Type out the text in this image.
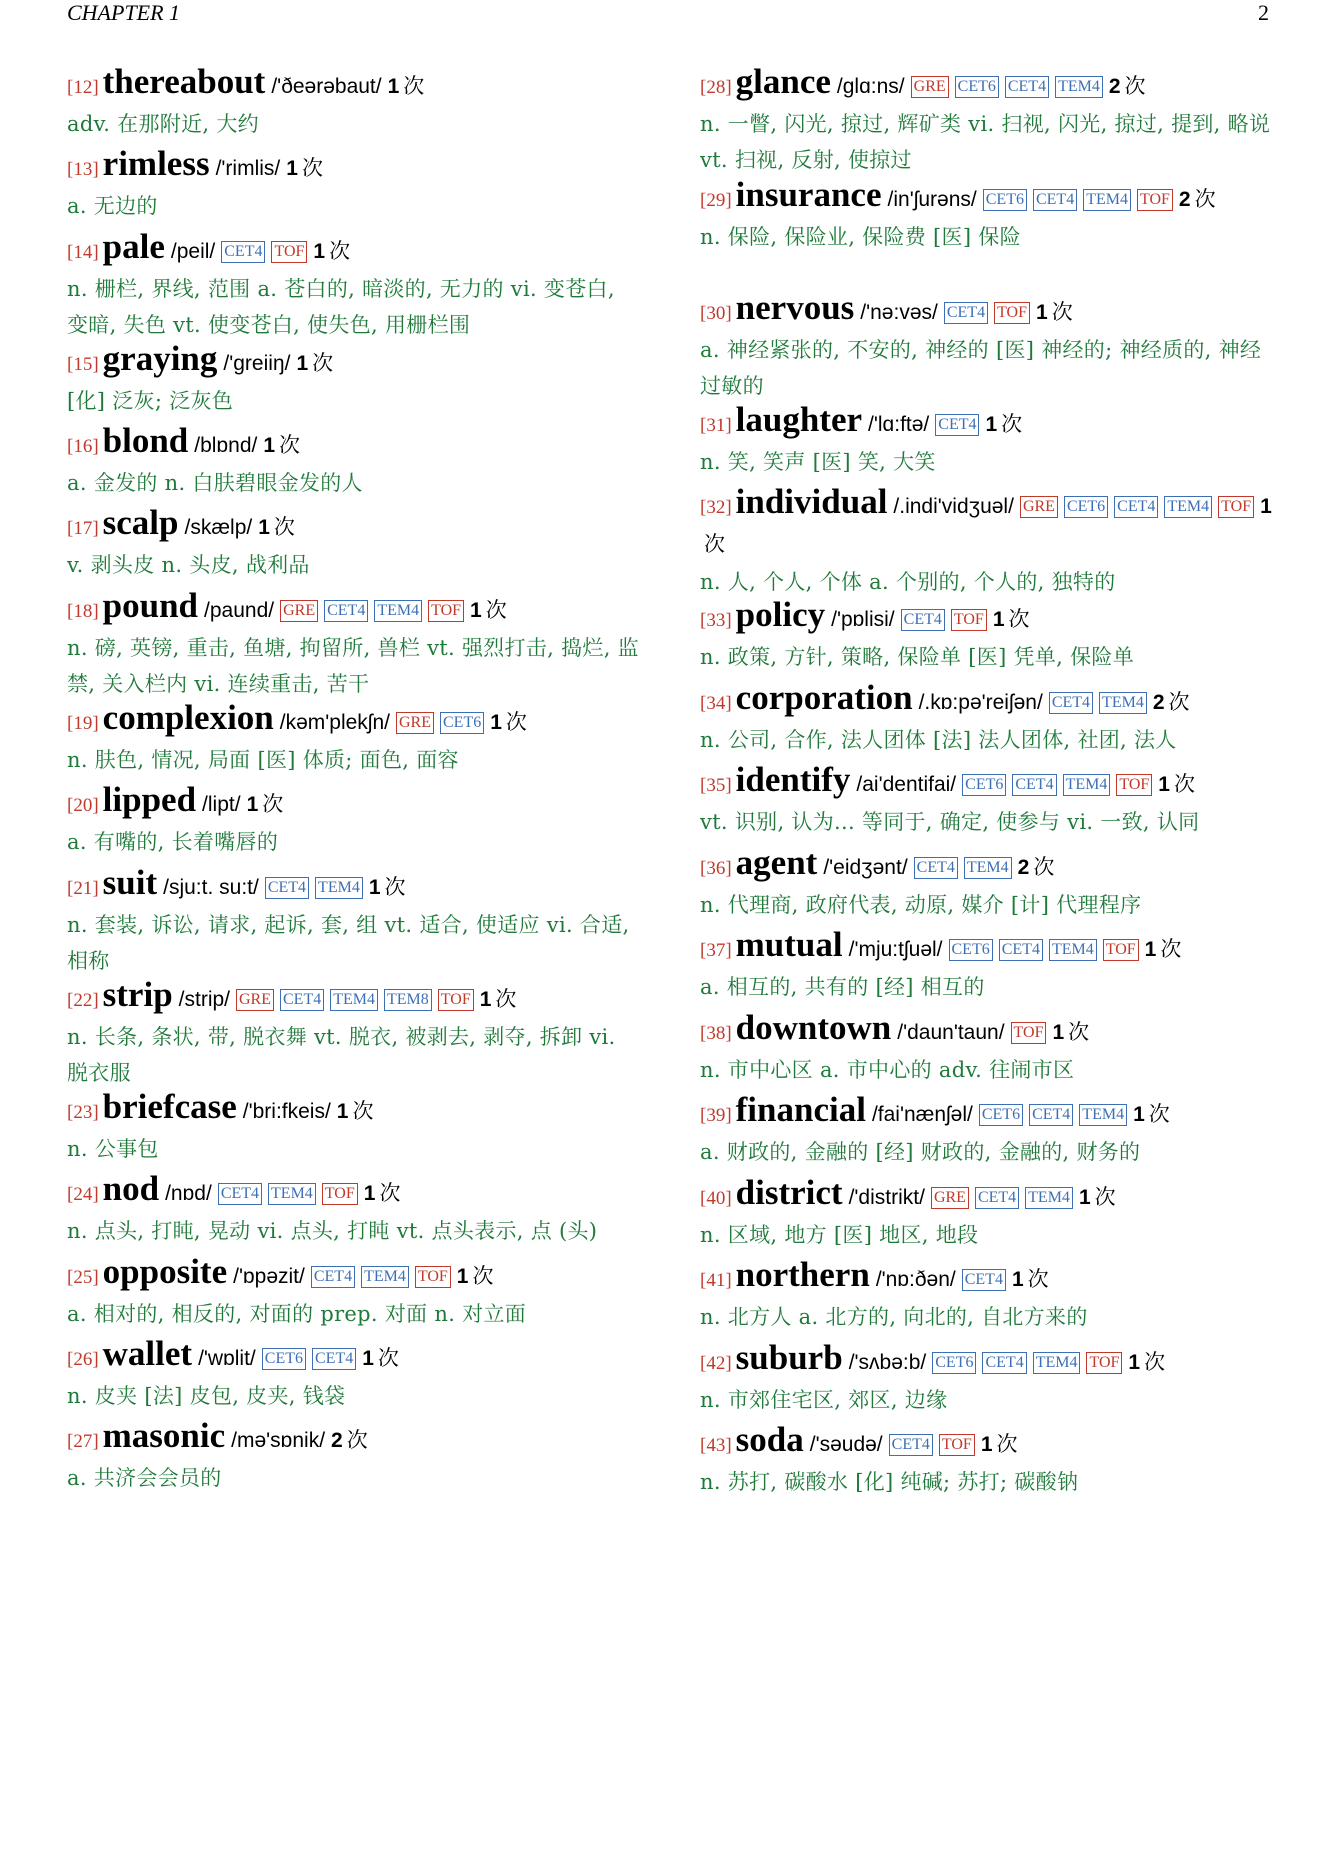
CHAPTER 1	2
[12] thereabout /'ðeərəbaut/ 1 次

adv. 在那附近, 大约

[13] rimless /'rimlis/ 1 次

a. 无边的

[14] pale /peil/ CET4 TOF 1 次

n. 栅栏, 界线, 范围 a. 苍白的, 暗淡的, 无力的 vi. 变苍白, 变暗, 失色 vt. 使变苍白, 使失色, 用栅栏围

[15] graying /'greiiŋ/ 1 次

[化] 泛灰; 泛灰色

[16] blond /blɒnd/ 1 次

a. 金发的 n. 白肤碧眼金发的人

[17] scalp /skælp/ 1 次

v. 剥头皮 n. 头皮, 战利品

[18] pound /paund/ GRE CET4 TEM4 TOF 1 次

n. 磅, 英镑, 重击, 鱼塘, 拘留所, 兽栏 vt. 强烈打击, 捣烂, 监禁, 关入栏内 vi. 连续重击, 苦干

[19] complexion /kəm'plekʃn/ GRE CET6 1 次

n. 肤色, 情况, 局面 [医] 体质; 面色, 面容

[20] lipped /lipt/ 1 次

a. 有嘴的, 长着嘴唇的

[21] suit /sju:t. su:t/ CET4 TEM4 1 次

n. 套装, 诉讼, 请求, 起诉, 套, 组 vt. 适合, 使适应 vi. 合适, 相称

[22] strip /strip/ GRE CET4 TEM4 TEM8 TOF 1 次

n. 长条, 条状, 带, 脱衣舞 vt. 脱衣, 被剥去, 剥夺, 拆卸 vi. 脱衣服

[23] briefcase /'bri:fkeis/ 1 次

n. 公事包

[24] nod /nɒd/ CET4 TEM4 TOF 1 次

n. 点头, 打盹, 晃动 vi. 点头, 打盹 vt. 点头表示, 点 (头)

[25] opposite /'ɒpəzit/ CET4 TEM4 TOF 1 次

a. 相对的, 相反的, 对面的 prep. 对面 n. 对立面

[26] wallet /'wɒlit/ CET6 CET4 1 次

n. 皮夹 [法] 皮包, 皮夹, 钱袋

[27] masonic /mə'sɒnik/ 2 次

a. 共济会会员的

[28] glance /glɑ:ns/ GRE CET6 CET4 TEM4 2 次

n. 一瞥, 闪光, 掠过, 辉矿类 vi. 扫视, 闪光, 掠过, 提到, 略说 vt. 扫视, 反射, 使掠过

[29] insurance /in'ʃurəns/ CET6 CET4 TEM4 TOF 2 次

n. 保险, 保险业, 保险费 [医] 保险

[30] nervous /'nə:vəs/ CET4 TOF 1 次

a. 神经紧张的, 不安的, 神经的 [医] 神经的; 神经质的, 神经过敏的

[31] laughter /'lɑ:ftə/ CET4 1 次

n. 笑, 笑声 [医] 笑, 大笑

[32] individual /.indi'vidʒuəl/ GRE CET6 CET4 TEM4 TOF 1次

n. 人, 个人, 个体 a. 个别的, 个人的, 独特的

[33] policy /'pɒlisi/ CET4 TOF 1 次

n. 政策, 方针, 策略, 保险单 [医] 凭单, 保险单

[34] corporation /.kɒ:pə'reiʃən/ CET4 TEM4 2 次

n. 公司, 合作, 法人团体 [法] 法人团体, 社团, 法人

[35] identify /ai'dentifai/ CET6 CET4 TEM4 TOF 1 次

vt. 识别, 认为... 等同于, 确定, 使参与 vi. 一致, 认同

[36] agent /'eidʒənt/ CET4 TEM4 2 次

n. 代理商, 政府代表, 动原, 媒介 [计] 代理程序

[37] mutual /'mju:tʃuəl/ CET6 CET4 TEM4 TOF 1 次

a. 相互的, 共有的 [经] 相互的

[38] downtown /'daun'taun/ TOF 1 次

n. 市中心区 a. 市中心的 adv. 往闹市区

[39] financial /fai'nænʃəl/ CET6 CET4 TEM4 1 次

a. 财政的, 金融的 [经] 财政的, 金融的, 财务的

[40] district /'distrikt/ GRE CET4 TEM4 1 次

n. 区域, 地方 [医] 地区, 地段

[41] northern /'nɒ:ðən/ CET4 1 次

n. 北方人 a. 北方的, 向北的, 自北方来的

[42] suburb /'sʌbə:b/ CET6 CET4 TEM4 TOF 1 次

n. 市郊住宅区, 郊区, 边缘

[43] soda /'səudə/ CET4 TOF 1 次

n. 苏打, 碳酸水 [化] 纯碱; 苏打; 碳酸钠
